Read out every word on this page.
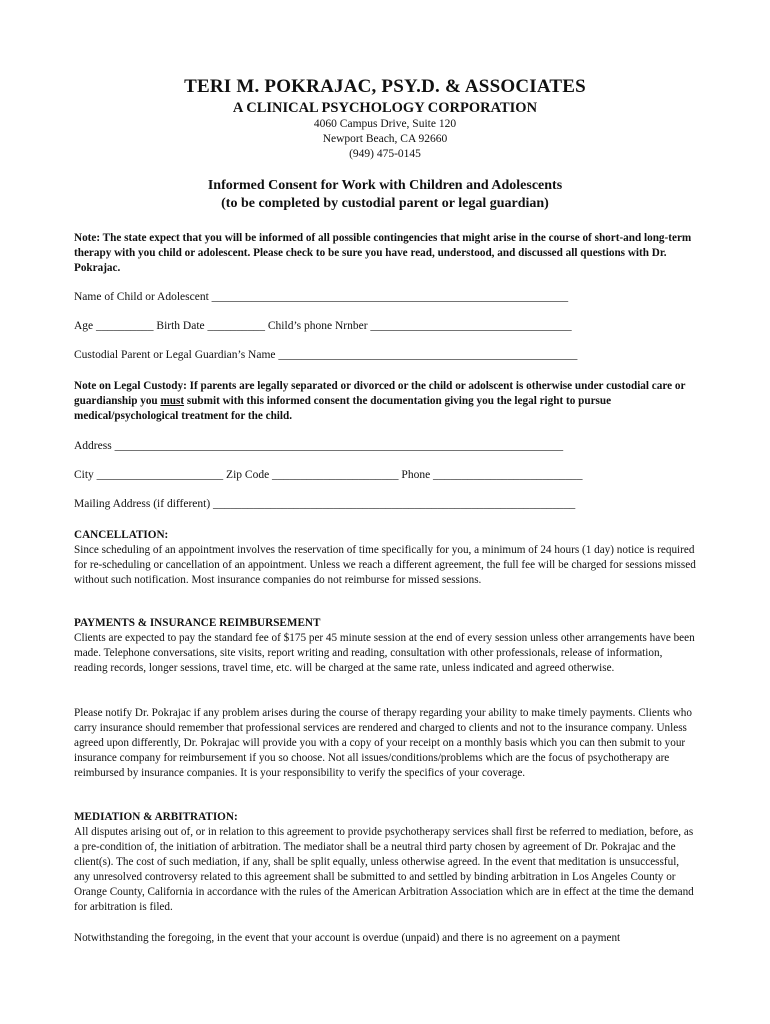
TERI M. POKRAJAC, PSY.D. & ASSOCIATES
A CLINICAL PSYCHOLOGY CORPORATION
4060 Campus Drive, Suite 120
Newport Beach, CA 92660
(949) 475-0145
Informed Consent for Work with Children and Adolescents
(to be completed by custodial parent or legal guardian)
Note: The state expect that you will be informed of all possible contingencies that might arise in the course of short-and long-term therapy with you child or adolescent. Please check to be sure you have read, understood, and discussed all questions with Dr. Pokrajac.
Name of Child or Adolescent ______________________________________________________________
Age __________ Birth Date __________ Child’s phone Nrnber ___________________________________
Custodial Parent or Legal Guardian’s Name ____________________________________________________
Note on Legal Custody: If parents are legally separated or divorced or the child or adolscent is otherwise under custodial care or guardianship you must submit with this informed consent the documentation giving you the legal right to pursue medical/psychological treatment for the child.
Address ______________________________________________________________________________
City ______________________ Zip Code ______________________ Phone __________________________
Mailing Address (if different) _______________________________________________________________
CANCELLATION:
Since scheduling of an appointment involves the reservation of time specifically for you, a minimum of 24 hours (1 day) notice is required for re-scheduling or cancellation of an appointment. Unless we reach a different agreement, the full fee will be charged for sessions missed without such notification. Most insurance companies do not reimburse for missed sessions.
PAYMENTS & INSURANCE REIMBURSEMENT
Clients are expected to pay the standard fee of $175 per 45 minute session at the end of every session unless other arrangements have been made. Telephone conversations, site visits, report writing and reading, consultation with other professionals, release of information, reading records, longer sessions, travel time, etc. will be charged at the same rate, unless indicated and agreed otherwise.
Please notify Dr. Pokrajac if any problem arises during the course of therapy regarding your ability to make timely payments. Clients who carry insurance should remember that professional services are rendered and charged to clients and not to the insurance company. Unless agreed upon differently, Dr. Pokrajac will provide you with a copy of your receipt on a monthly basis which you can then submit to your insurance company for reimbursement if you so choose. Not all issues/conditions/problems which are the focus of psychotherapy are reimbursed by insurance companies. It is your responsibility to verify the specifics of your coverage.
MEDIATION & ARBITRATION:
All disputes arising out of, or in relation to this agreement to provide psychotherapy services shall first be referred to mediation, before, as a pre-condition of, the initiation of arbitration. The mediator shall be a neutral third party chosen by agreement of Dr. Pokrajac and the client(s). The cost of such mediation, if any, shall be split equally, unless otherwise agreed. In the event that meditation is unsuccessful, any unresolved controversy related to this agreement shall be submitted to and settled by binding arbitration in Los Angeles County or Orange County, California in accordance with the rules of the American Arbitration Association which are in effect at the time the demand for arbitration is filed.
Notwithstanding the foregoing, in the event that your account is overdue (unpaid) and there is no agreement on a payment
